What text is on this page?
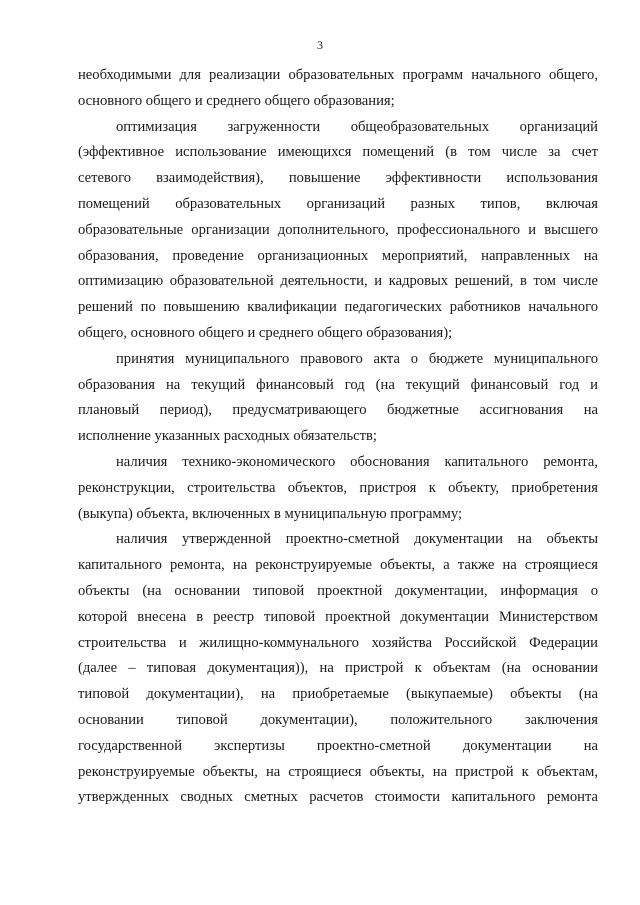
3
необходимыми для реализации образовательных программ начального общего,
основного общего и среднего общего образования;
оптимизация загруженности общеобразовательных организаций
(эффективное использование имеющихся помещений (в том числе за счет
сетевого взаимодействия), повышение эффективности использования
помещений образовательных организаций разных типов, включая
образовательные организации дополнительного, профессионального и высшего
образования, проведение организационных мероприятий, направленных на
оптимизацию образовательной деятельности, и кадровых решений, в том числе
решений по повышению квалификации педагогических работников начального
общего, основного общего и среднего общего образования);
принятия муниципального правового акта о бюджете муниципального
образования на текущий финансовый год (на текущий финансовый год и
плановый период), предусматривающего бюджетные ассигнования на
исполнение указанных расходных обязательств;
наличия технико-экономического обоснования капитального ремонта,
реконструкции, строительства объектов, пристроя к объекту, приобретения
(выкупа) объекта, включенных в муниципальную программу;
наличия утвержденной проектно-сметной документации на объекты
капитального ремонта, на реконструируемые объекты, а также на строящиеся
объекты (на основании типовой проектной документации, информация о
которой внесена в реестр типовой проектной документации Министерством
строительства и жилищно-коммунального хозяйства Российской Федерации
(далее – типовая документация)), на пристрой к объектам (на основании
типовой документации), на приобретаемые (выкупаемые) объекты (на
основании типовой документации), положительного заключения
государственной экспертизы проектно-сметной документации на
реконструируемые объекты, на строящиеся объекты, на пристрой к объектам,
утвержденных сводных сметных расчетов стоимости капитального ремонта
